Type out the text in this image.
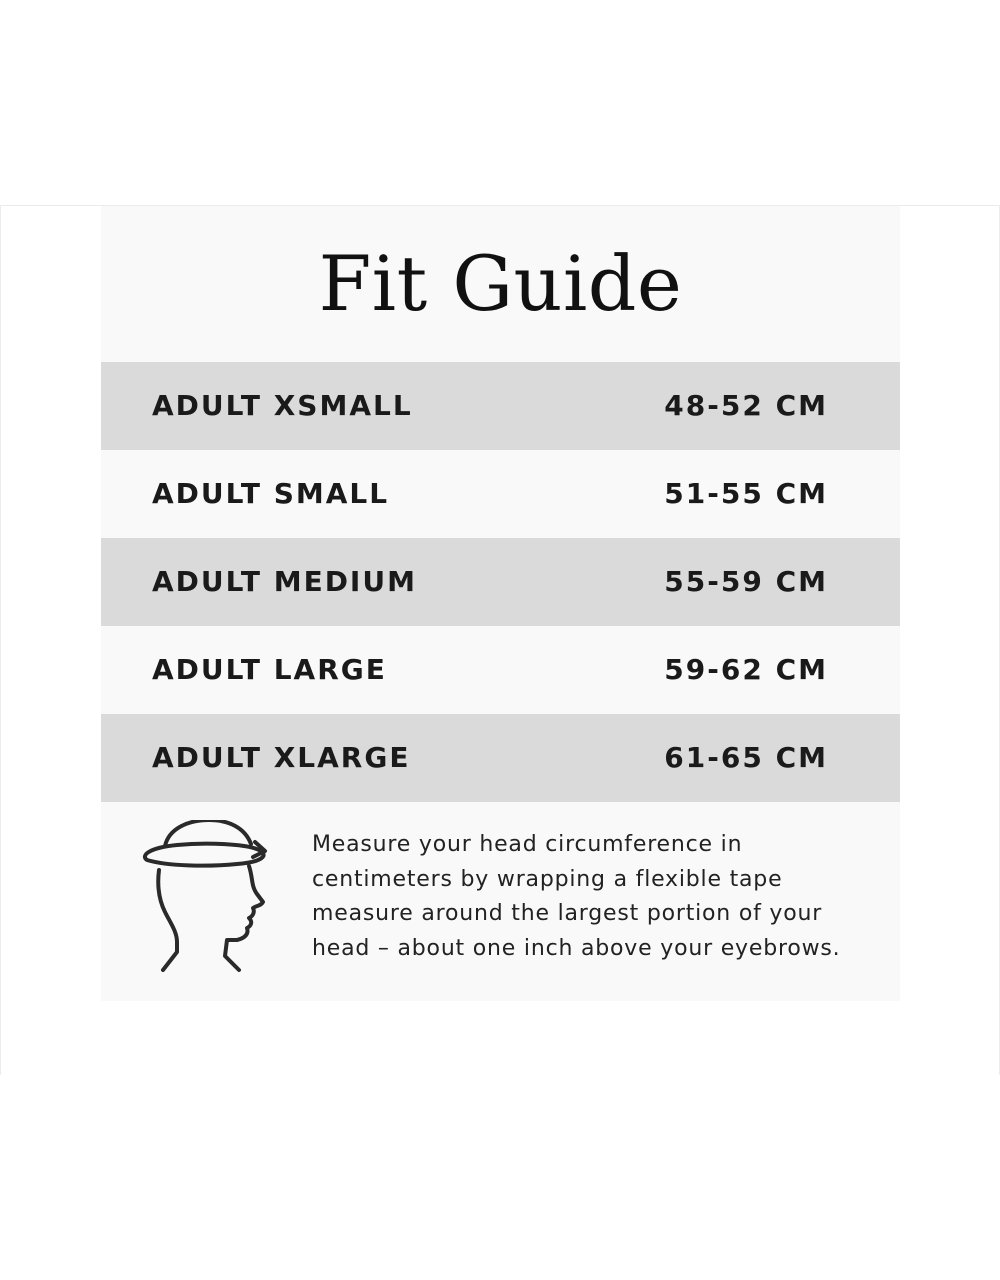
Fit Guide
ADULT XSMALL	48-52 CM
ADULT SMALL	51-55 CM
ADULT MEDIUM	55-59 CM
ADULT LARGE	59-62 CM
ADULT XLARGE	61-65 CM

Measure your head circumference in centimeters by wrapping a flexible tape measure around the largest portion of your head – about one inch above your eyebrows.
